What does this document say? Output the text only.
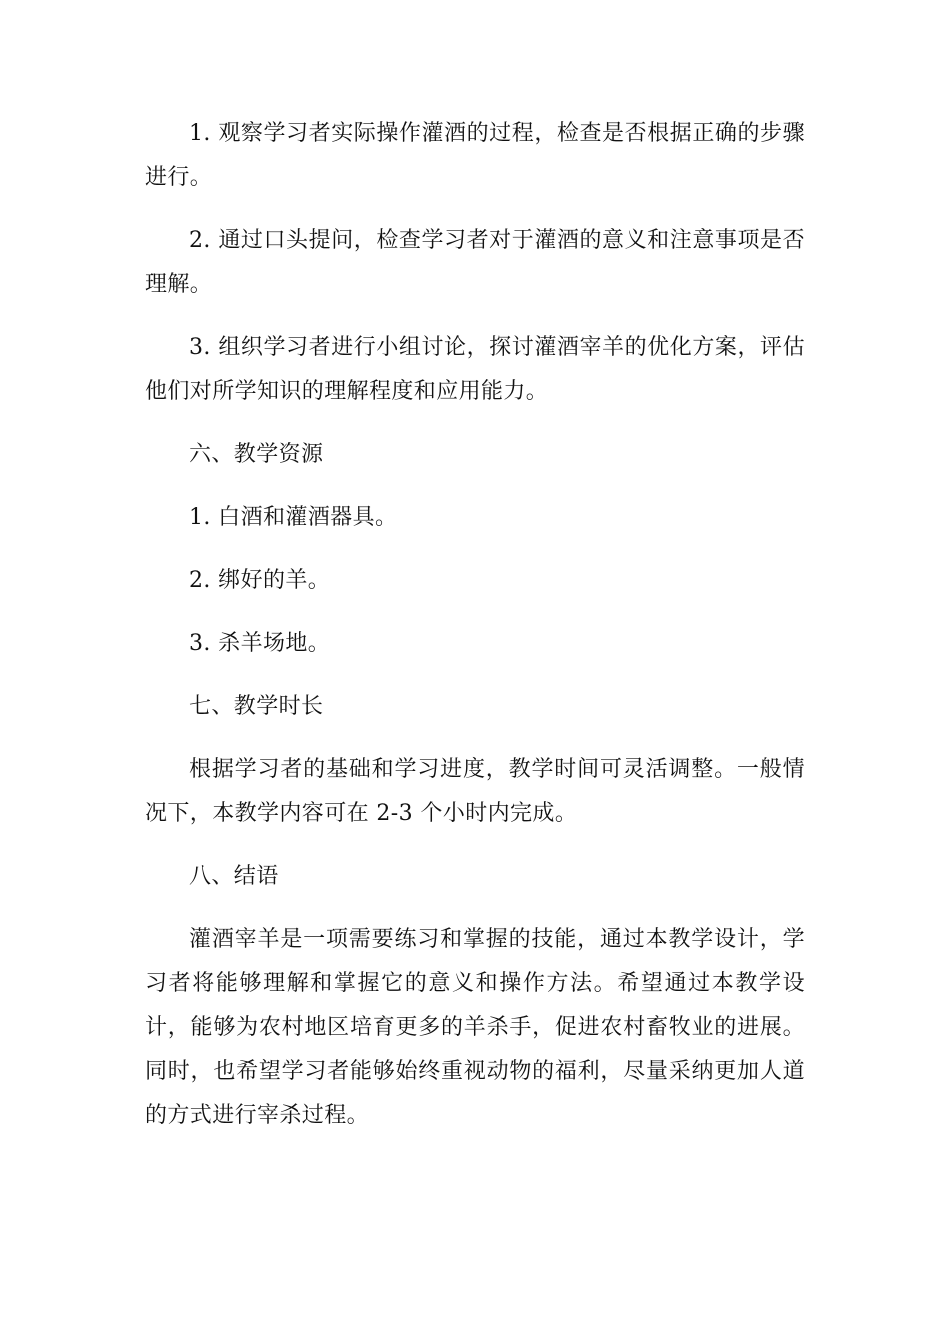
1. 观察学习者实际操作灌酒的过程，检查是否根据正确的步骤进行。

2. 通过口头提问，检查学习者对于灌酒的意义和注意事项是否理解。

3. 组织学习者进行小组讨论，探讨灌酒宰羊的优化方案，评估他们对所学知识的理解程度和应用能力。

六、教学资源

1. 白酒和灌酒器具。

2. 绑好的羊。

3. 杀羊场地。

七、教学时长

根据学习者的基础和学习进度，教学时间可灵活调整。一般情况下，本教学内容可在 2-3 个小时内完成。

八、结语

灌酒宰羊是一项需要练习和掌握的技能，通过本教学设计，学习者将能够理解和掌握它的意义和操作方法。希望通过本教学设计，能够为农村地区培育更多的羊杀手，促进农村畜牧业的进展。同时，也希望学习者能够始终重视动物的福利，尽量采纳更加人道的方式进行宰杀过程。
